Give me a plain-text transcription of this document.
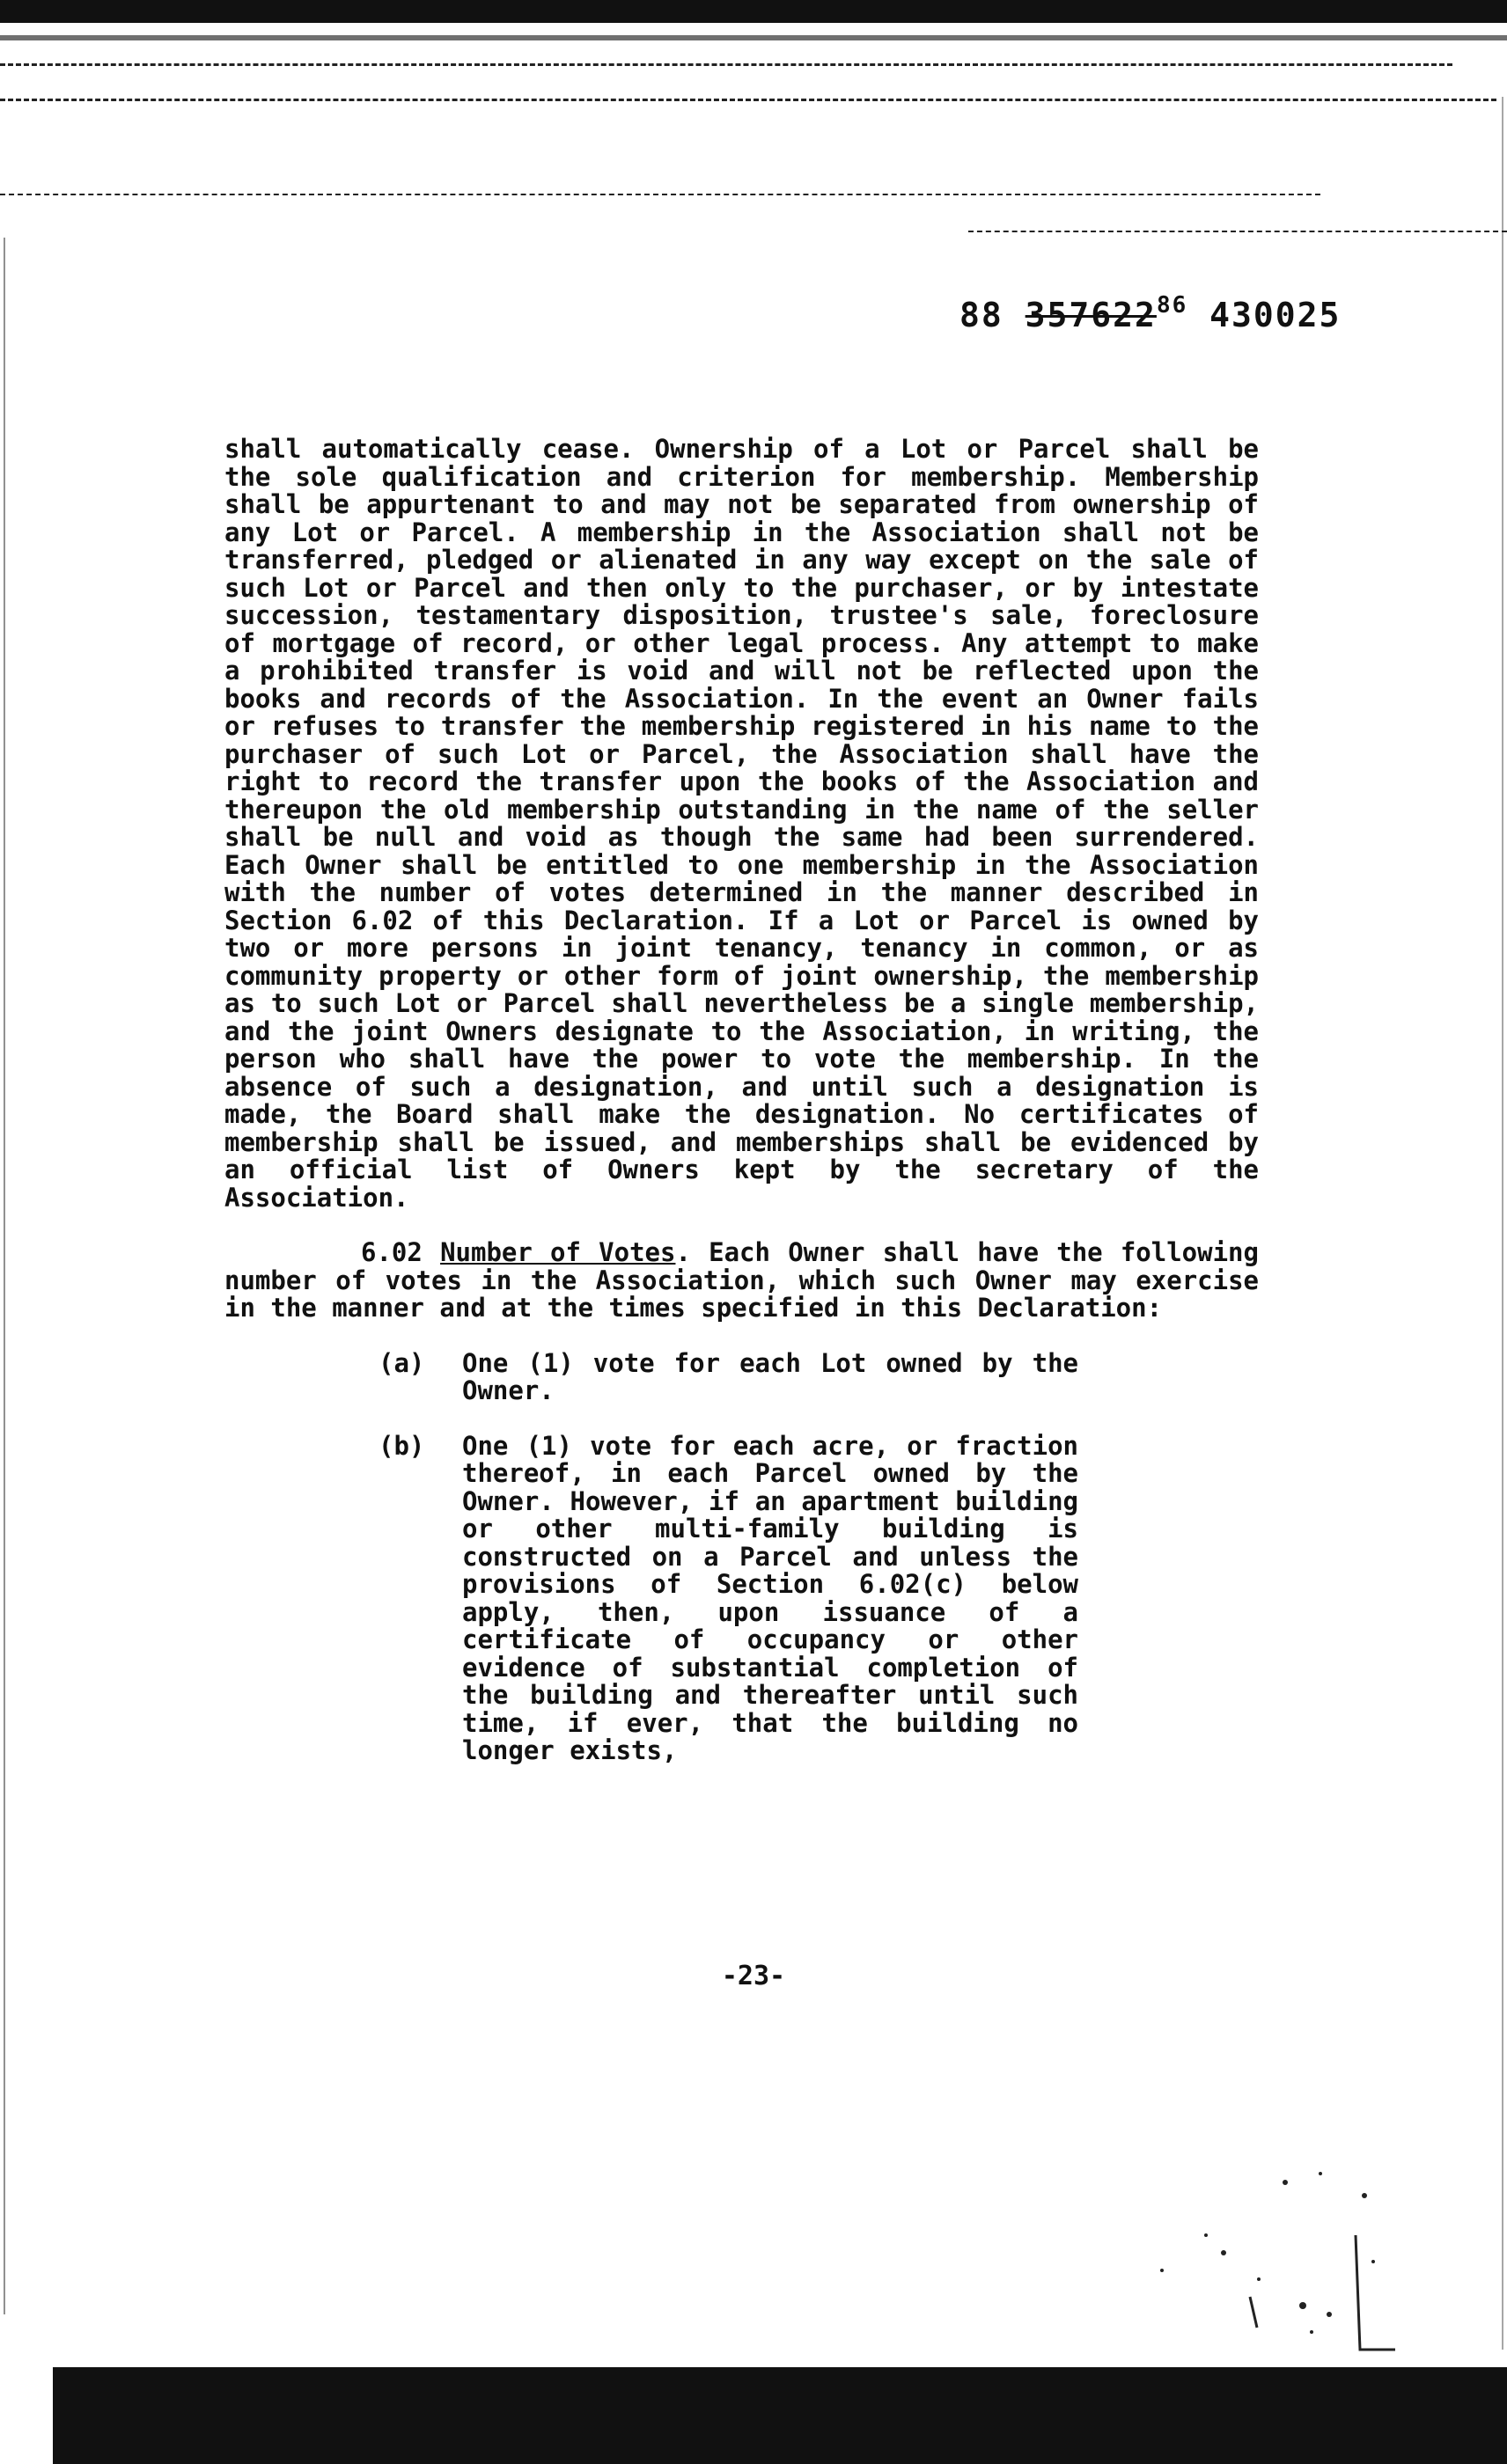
88 357622$^{86}$ 430025

shall automatically cease. Ownership of a Lot or Parcel shall be the sole qualification and criterion for membership. Membership shall be appurtenant to and may not be separated from ownership of any Lot or Parcel. A membership in the Association shall not be transferred, pledged or alienated in any way except on the sale of such Lot or Parcel and then only to the purchaser, or by intestate succession, testamentary disposition, trustee's sale, foreclosure of mortgage of record, or other legal process. Any attempt to make a prohibited transfer is void and will not be reflected upon the books and records of the Association. In the event an Owner fails or refuses to transfer the membership registered in his name to the purchaser of such Lot or Parcel, the Association shall have the right to record the transfer upon the books of the Association and thereupon the old membership outstanding in the name of the seller shall be null and void as though the same had been surrendered. Each Owner shall be entitled to one membership in the Association with the number of votes determined in the manner described in Section 6.02 of this Declaration. If a Lot or Parcel is owned by two or more persons in joint tenancy, tenancy in common, or as community property or other form of joint ownership, the membership as to such Lot or Parcel shall nevertheless be a single membership, and the joint Owners designate to the Association, in writing, the person who shall have the power to vote the membership. In the absence of such a designation, and until such a designation is made, the Board shall make the designation. No certificates of membership shall be issued, and memberships shall be evidenced by an official list of Owners kept by the secretary of the Association.

6.02 Number of Votes. Each Owner shall have the following number of votes in the Association, which such Owner may exercise in the manner and at the times specified in this Declaration:

(a)	One (1) vote for each Lot owned by the Owner.
(b)	One (1) vote for each acre, or fraction thereof, in each Parcel owned by the Owner. However, if an apartment building or other multi-family building is constructed on a Parcel and unless the provisions of Section 6.02(c) below apply, then, upon issuance of a certificate of occupancy or other evidence of substantial completion of the building and thereafter until such time, if ever, that the building no longer exists,
-23-
